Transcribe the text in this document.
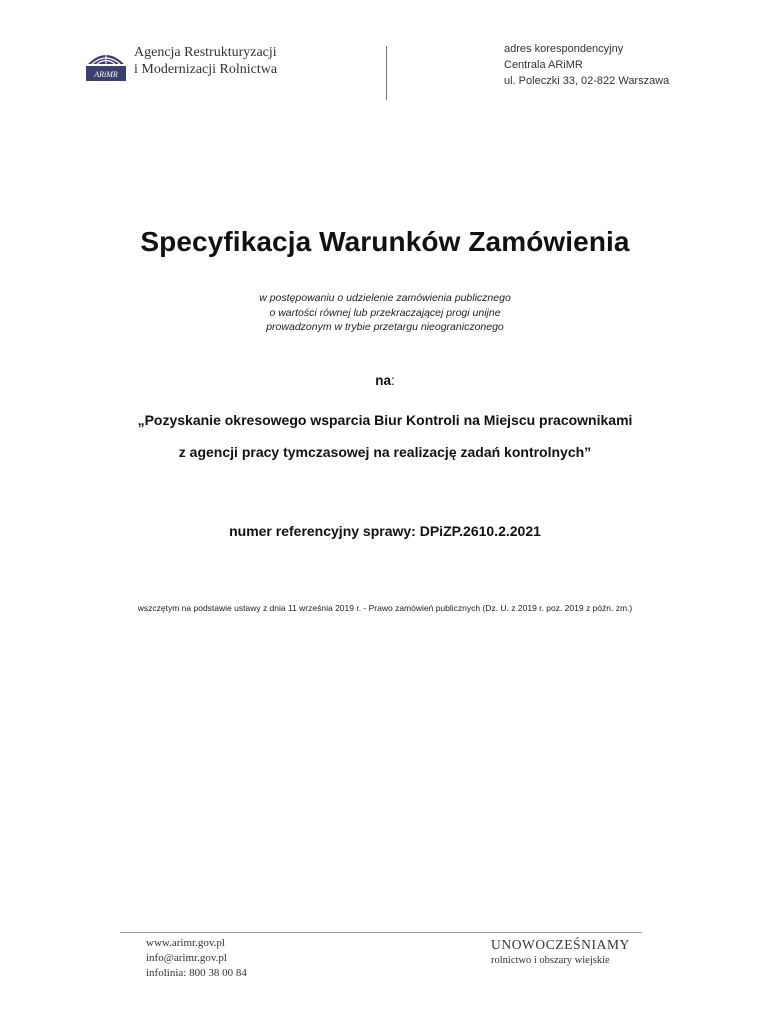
ARiMR
Agencja Restrukturyzacji
i Modernizacji Rolnictwa
adres korespondencyjny
Centrala ARiMR
ul. Poleczki 33, 02-822 Warszawa
Specyfikacja Warunków Zamówienia
w postępowaniu o udzielenie zamówienia publicznego
o wartości równej lub przekraczającej progi unijne
prowadzonym w trybie przetargu nieograniczonego
na:
„Pozyskanie okresowego wsparcia Biur Kontroli na Miejscu pracownikami
z agencji pracy tymczasowej na realizację zadań kontrolnych”
numer referencyjny sprawy: DPiZP.2610.2.2021
wszczętym na podstawie ustawy z dnia 11 września 2019 r. - Prawo zamówień publicznych (Dz. U. z 2019 r. poz. 2019 z późn. zm.)
www.arimr.gov.pl
info@arimr.gov.pl
infolinia: 800 38 00 84
UNOWOCZEŚNIAMY
rolnictwo i obszary wiejskie
